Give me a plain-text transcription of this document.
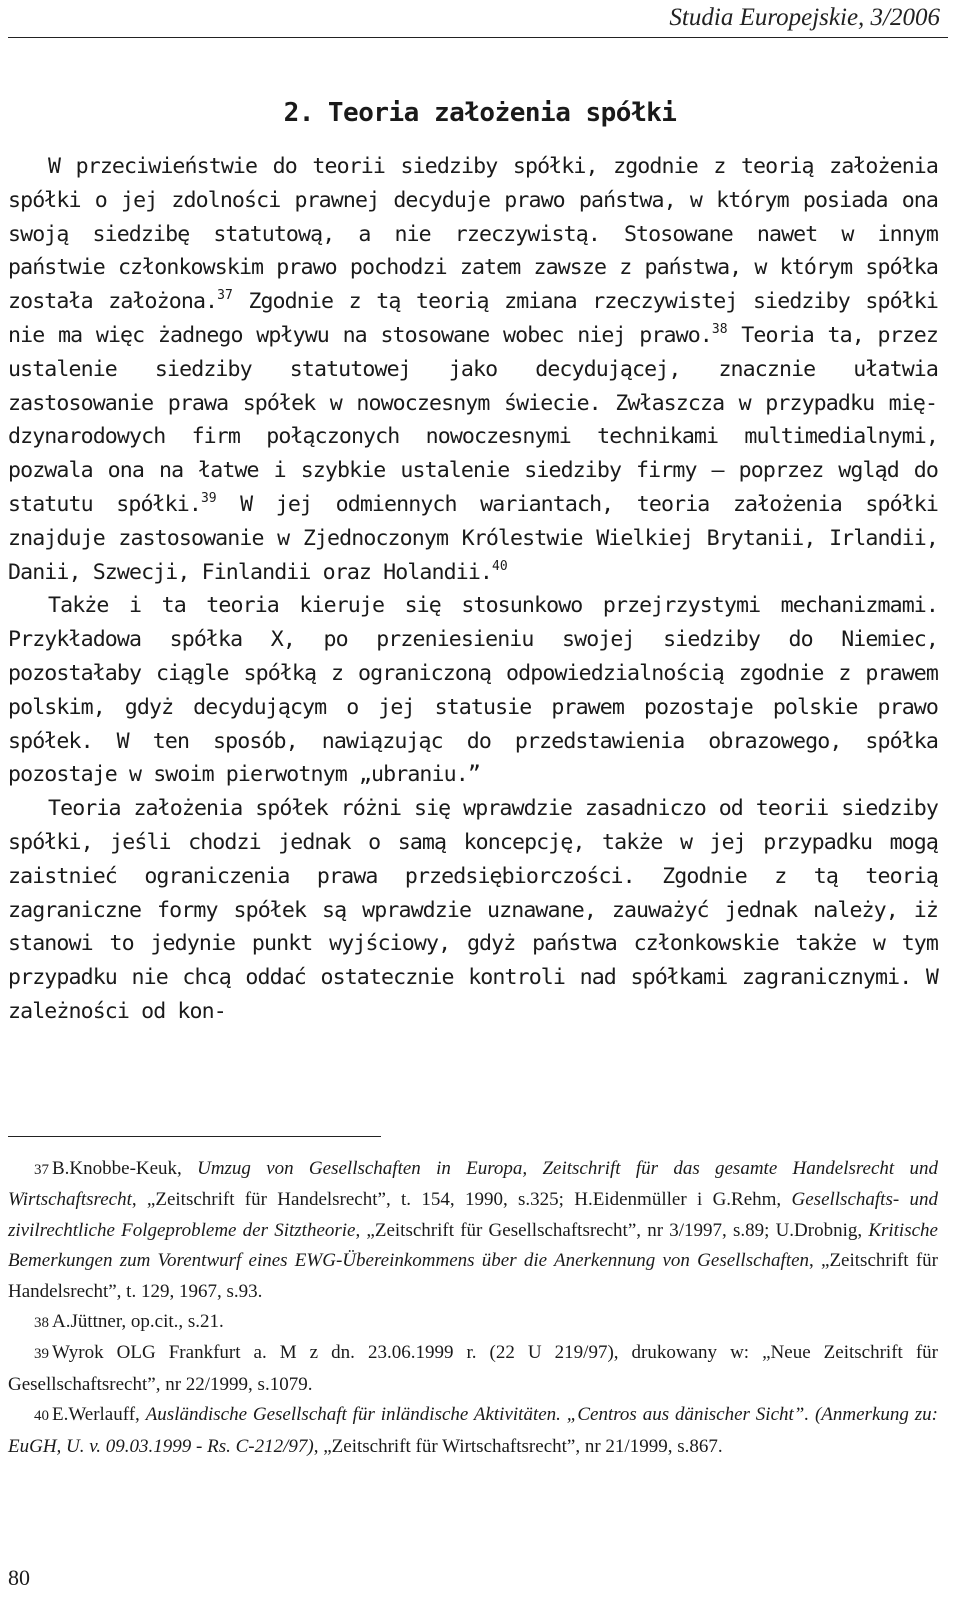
Studia Europejskie, 3/2006
2. Teoria założenia spółki

W przeciwieństwie do teorii siedziby spółki, zgodnie z teorią założenia spółki o jej zdolności prawnej decyduje prawo państwa, w którym posiada ona swoją siedzibę statutową, a nie rzeczywistą. Stosowane nawet w innym państwie członkowskim prawo pochodzi zatem zawsze z państwa, w którym spółka została założona.$^{37}$ Zgodnie z tą teorią zmiana rzeczywistej siedziby spółki nie ma więc żadnego wpływu na stosowane wobec niej prawo.$^{38}$ Teoria ta, przez ustalenie siedziby statutowej jako decydującej, znacznie ułatwia zastosowanie prawa spółek w nowoczesnym świecie. Zwłaszcza w przypadku międzynarodowych firm połączonych nowoczesnymi technikami multimedialnymi, pozwala ona na łatwe i szybkie ustalenie siedziby firmy – poprzez wgląd do statutu spółki.$^{39}$ W jej odmiennych wariantach, teoria założenia spółki znajduje zastosowanie w Zjednoczonym Królestwie Wielkiej Brytanii, Irlandii, Danii, Szwecji, Finlandii oraz Holandii.$^{40}$

Także i ta teoria kieruje się stosunkowo przejrzystymi mechanizmami. Przykładowa spółka X, po przeniesieniu swojej siedziby do Niemiec, pozostałaby ciągle spółką z ograniczoną odpowiedzialnością zgodnie z prawem polskim, gdyż decydującym o jej statusie prawem pozostaje polskie prawo spółek. W ten sposób, nawiązując do przedstawienia obrazowego, spółka pozostaje w swoim pierwotnym „ubraniu.”

Teoria założenia spółek różni się wprawdzie zasadniczo od teorii siedziby spółki, jeśli chodzi jednak o samą koncepcję, także w jej przypadku mogą zaistnieć ograniczenia prawa przedsiębiorczości. Zgodnie z tą teorią zagraniczne formy spółek są wprawdzie uznawane, zauważyć jednak należy, iż stanowi to jedynie punkt wyjściowy, gdyż państwa członkowskie także w tym przypadku nie chcą oddać ostatecznie kontroli nad spółkami zagranicznymi. W zależności od kon-

37 B.Knobbe-Keuk, Umzug von Gesellschaften in Europa, Zeitschrift für das gesamte Handelsrecht und Wirtschaftsrecht, „Zeitschrift für Handelsrecht”, t. 154, 1990, s.325; H.Eidenmüller i G.Rehm, Gesellschafts- und zivilrechtliche Folgeprobleme der Sitztheorie, „Zeitschrift für Gesellschaftsrecht”, nr 3/1997, s.89; U.Drobnig, Kritische Bemerkungen zum Vorentwurf eines EWG-Übereinkommens über die Anerkennung von Gesellschaften, „Zeitschrift für Handelsrecht”, t. 129, 1967, s.93.

38 A.Jüttner, op.cit., s.21.

39 Wyrok OLG Frankfurt a. M z dn. 23.06.1999 r. (22 U 219/97), drukowany w: „Neue Zeitschrift für Gesellschaftsrecht”, nr 22/1999, s.1079.

40 E.Werlauff, Ausländische Gesellschaft für inländische Aktivitäten. „Centros aus dänischer Sicht”. (Anmerkung zu: EuGH, U. v. 09.03.1999 - Rs. C-212/97), „Zeitschrift für Wirtschaftsrecht”, nr 21/1999, s.867.

80
